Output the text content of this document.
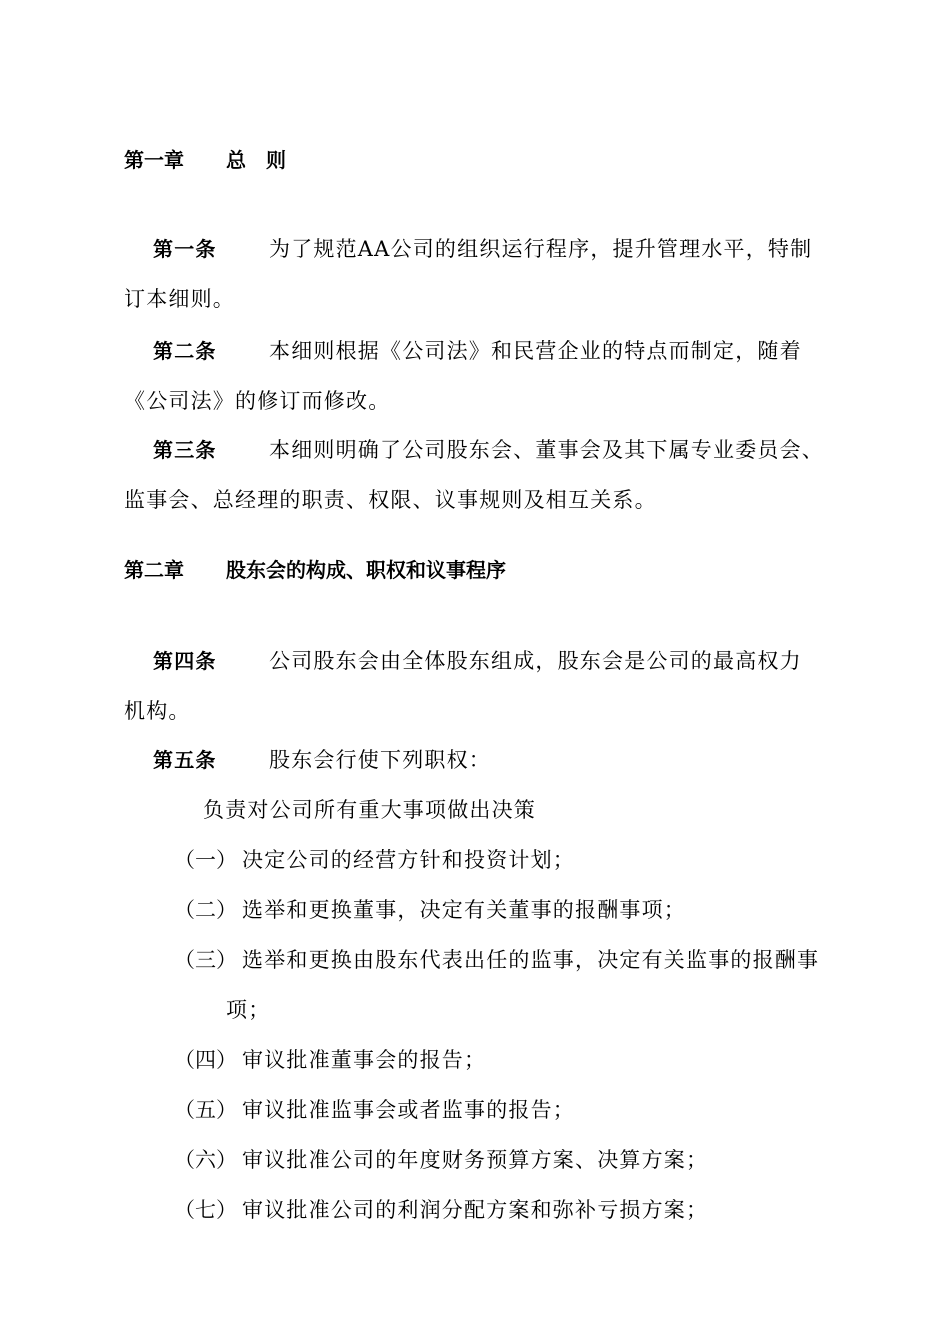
第一章 总　则
第一条 为了规范AA公司的组织运行程序，提升管理水平，特制
订本细则。
第二条 本细则根据《公司法》和民营企业的特点而制定，随着
《公司法》的修订而修改。
第三条 本细则明确了公司股东会、董事会及其下属专业委员会、
监事会、总经理的职责、权限、议事规则及相互关系。
第二章 股东会的构成、职权和议事程序
第四条 公司股东会由全体股东组成，股东会是公司的最高权力
机构。
第五条 股东会行使下列职权：
负责对公司所有重大事项做出决策
（一） 决定公司的经营方针和投资计划；
（二） 选举和更换董事，决定有关董事的报酬事项；
（三） 选举和更换由股东代表出任的监事，决定有关监事的报酬事
项；
（四） 审议批准董事会的报告；
（五） 审议批准监事会或者监事的报告；
（六） 审议批准公司的年度财务预算方案、决算方案；
（七） 审议批准公司的利润分配方案和弥补亏损方案；
